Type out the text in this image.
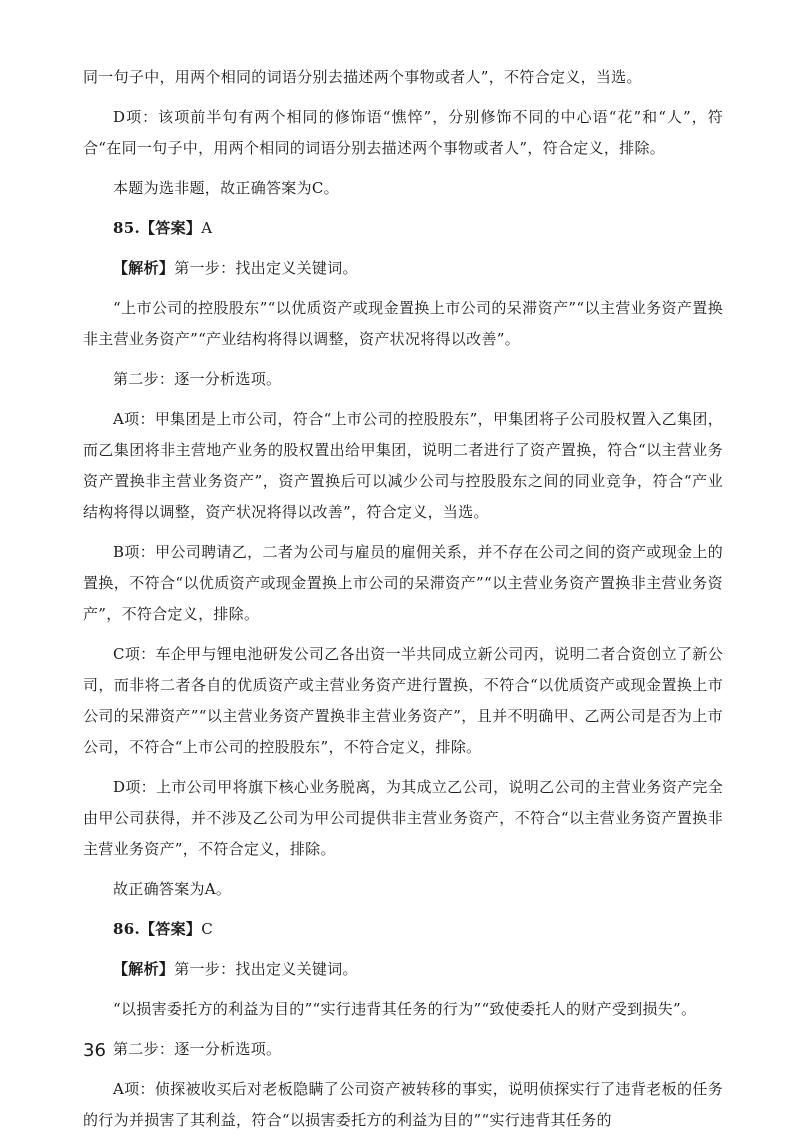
同一句子中，用两个相同的词语分别去描述两个事物或者人”，不符合定义，当选。

D项：该项前半句有两个相同的修饰语“憔悴”，分别修饰不同的中心语“花”和“人”，符合“在同一句子中，用两个相同的词语分别去描述两个事物或者人”，符合定义，排除。

本题为选非题，故正确答案为C。

85.【答案】A

【解析】第一步：找出定义关键词。

“上市公司的控股股东”“以优质资产或现金置换上市公司的呆滞资产”“以主营业务资产置换非主营业务资产”“产业结构将得以调整，资产状况将得以改善”。

第二步：逐一分析选项。

A项：甲集团是上市公司，符合“上市公司的控股股东”，甲集团将子公司股权置入乙集团，而乙集团将非主营地产业务的股权置出给甲集团，说明二者进行了资产置换，符合“以主营业务资产置换非主营业务资产”，资产置换后可以减少公司与控股股东之间的同业竞争，符合“产业结构将得以调整，资产状况将得以改善”，符合定义，当选。

B项：甲公司聘请乙，二者为公司与雇员的雇佣关系，并不存在公司之间的资产或现金上的置换，不符合“以优质资产或现金置换上市公司的呆滞资产”“以主营业务资产置换非主营业务资产”，不符合定义，排除。

C项：车企甲与锂电池研发公司乙各出资一半共同成立新公司丙，说明二者合资创立了新公司，而非将二者各自的优质资产或主营业务资产进行置换，不符合“以优质资产或现金置换上市公司的呆滞资产”“以主营业务资产置换非主营业务资产”，且并不明确甲、乙两公司是否为上市公司，不符合“上市公司的控股股东”，不符合定义，排除。

D项：上市公司甲将旗下核心业务脱离，为其成立乙公司，说明乙公司的主营业务资产完全由甲公司获得，并不涉及乙公司为甲公司提供非主营业务资产，不符合“以主营业务资产置换非主营业务资产”，不符合定义，排除。

故正确答案为A。

86.【答案】C

【解析】第一步：找出定义关键词。

“以损害委托方的利益为目的”“实行违背其任务的行为”“致使委托人的财产受到损失”。

第二步：逐一分析选项。

A项：侦探被收买后对老板隐瞒了公司资产被转移的事实，说明侦探实行了违背老板的任务的行为并损害了其利益，符合“以损害委托方的利益为目的”“实行违背其任务的

36
